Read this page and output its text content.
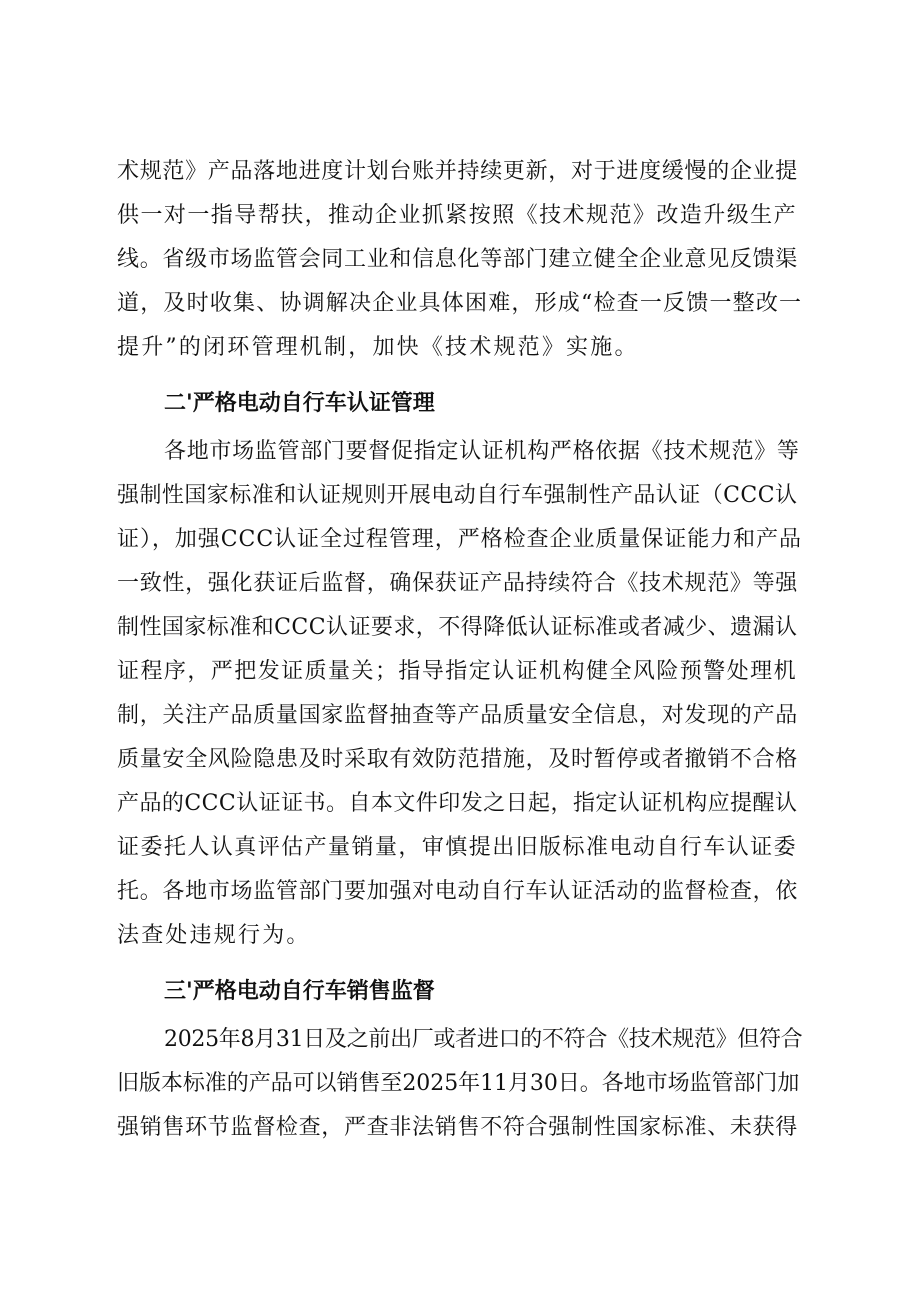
术规范》产品落地进度计划台账并持续更新，对于进度缓慢的企业提
供一对一指导帮扶，推动企业抓紧按照《技术规范》改造升级生产
线。省级市场监管会同工业和信息化等部门建立健全企业意见反馈渠
道，及时收集、协调解决企业具体困难，形成“检查一反馈一整改一
提升”的闭环管理机制，加快《技术规范》实施。
二'严格电动自行车认证管理
各地市场监管部门要督促指定认证机构严格依据《技术规范》等
强制性国家标准和认证规则开展电动自行车强制性产品认证（CCC认
证），加强CCC认证全过程管理，严格检查企业质量保证能力和产品
一致性，强化获证后监督，确保获证产品持续符合《技术规范》等强
制性国家标准和CCC认证要求，不得降低认证标准或者减少、遗漏认
证程序，严把发证质量关；指导指定认证机构健全风险预警处理机
制，关注产品质量国家监督抽查等产品质量安全信息，对发现的产品
质量安全风险隐患及时采取有效防范措施，及时暂停或者撤销不合格
产品的CCC认证证书。自本文件印发之日起，指定认证机构应提醒认
证委托人认真评估产量销量，审慎提出旧版标准电动自行车认证委
托。各地市场监管部门要加强对电动自行车认证活动的监督检查，依
法查处违规行为。
三'严格电动自行车销售监督
2025年8月31日及之前出厂或者进口的不符合《技术规范》但符合
旧版本标准的产品可以销售至2025年11月30日。各地市场监管部门加
强销售环节监督检查，严查非法销售不符合强制性国家标准、未获得
